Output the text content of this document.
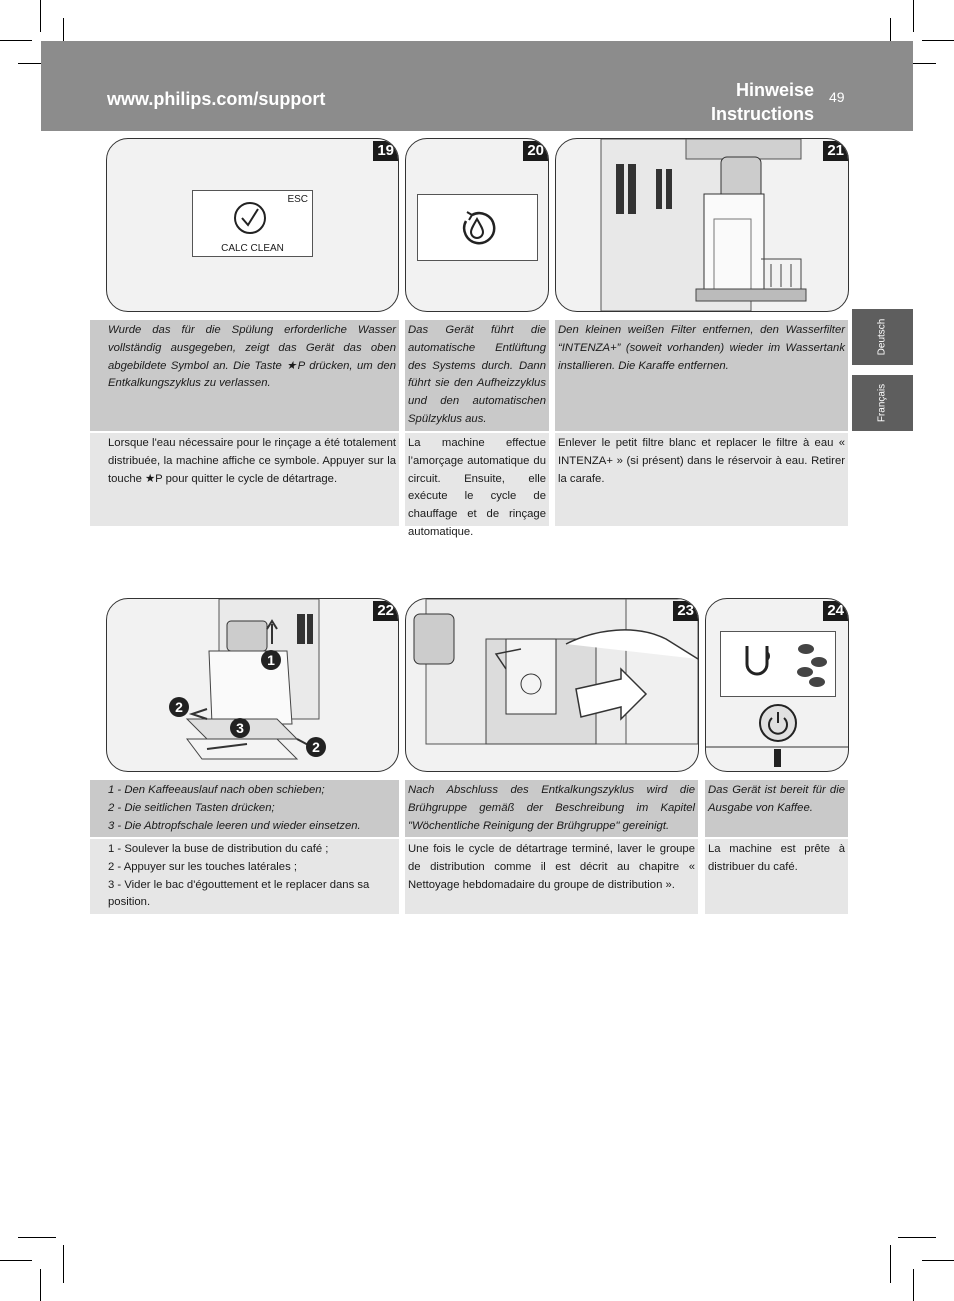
www.philips.com/support	Hinweise
Instructions
49
Deutsch
Français
19
ESC
CALC CLEAN
20	21
Wurde das für die Spülung erforderliche Wasser vollständig ausgegeben, zeigt das Gerät das oben abgebildete Symbol an. Die Taste ★P drücken, um den Entkalkungszyklus zu verlassen.
Das Gerät führt die automatische Entlüftung des Systems durch. Dann führt sie den Aufheizzyklus und den automatischen Spülzyklus aus.
Den kleinen weißen Filter entfernen, den Wasserfilter “INTENZA+” (soweit vorhanden) wieder im Wassertank installieren. Die Karaffe entfernen.
Lorsque l'eau nécessaire pour le rinçage a été totalement distribuée, la machine affiche ce symbole. Appuyer sur la touche ★P pour quitter le cycle de détartrage.
La machine effectue l’amorçage automatique du circuit. Ensuite, elle exécute le cycle de chauffage et de rinçage automatique.
Enlever le petit filtre blanc et replacer le filtre à eau « INTENZA+ » (si présent) dans le réservoir à eau. Retirer la carafe.
22
1
2
3
2
23	24

1 - Den Kaffeeauslauf nach oben schieben;

2 - Die seitlichen Tasten drücken;

3 - Die Abtropfschale leeren und wieder einsetzen.

Nach Abschluss des Entkalkungszyklus wird die Brühgruppe gemäß der Beschreibung im Kapitel "Wöchentliche Reinigung der Brühgruppe" gereinigt.
Das Gerät ist bereit für die Ausgabe von Kaffee.

1 - Soulever la buse de distribution du café ;

2 - Appuyer sur les touches latérales ;

3 - Vider le bac d'égouttement et le replacer dans sa position.

Une fois le cycle de détartrage terminé, laver le groupe de distribution comme il est décrit au chapitre « Nettoyage hebdomadaire du groupe de distribution ».
La machine est prête à distribuer du café.
